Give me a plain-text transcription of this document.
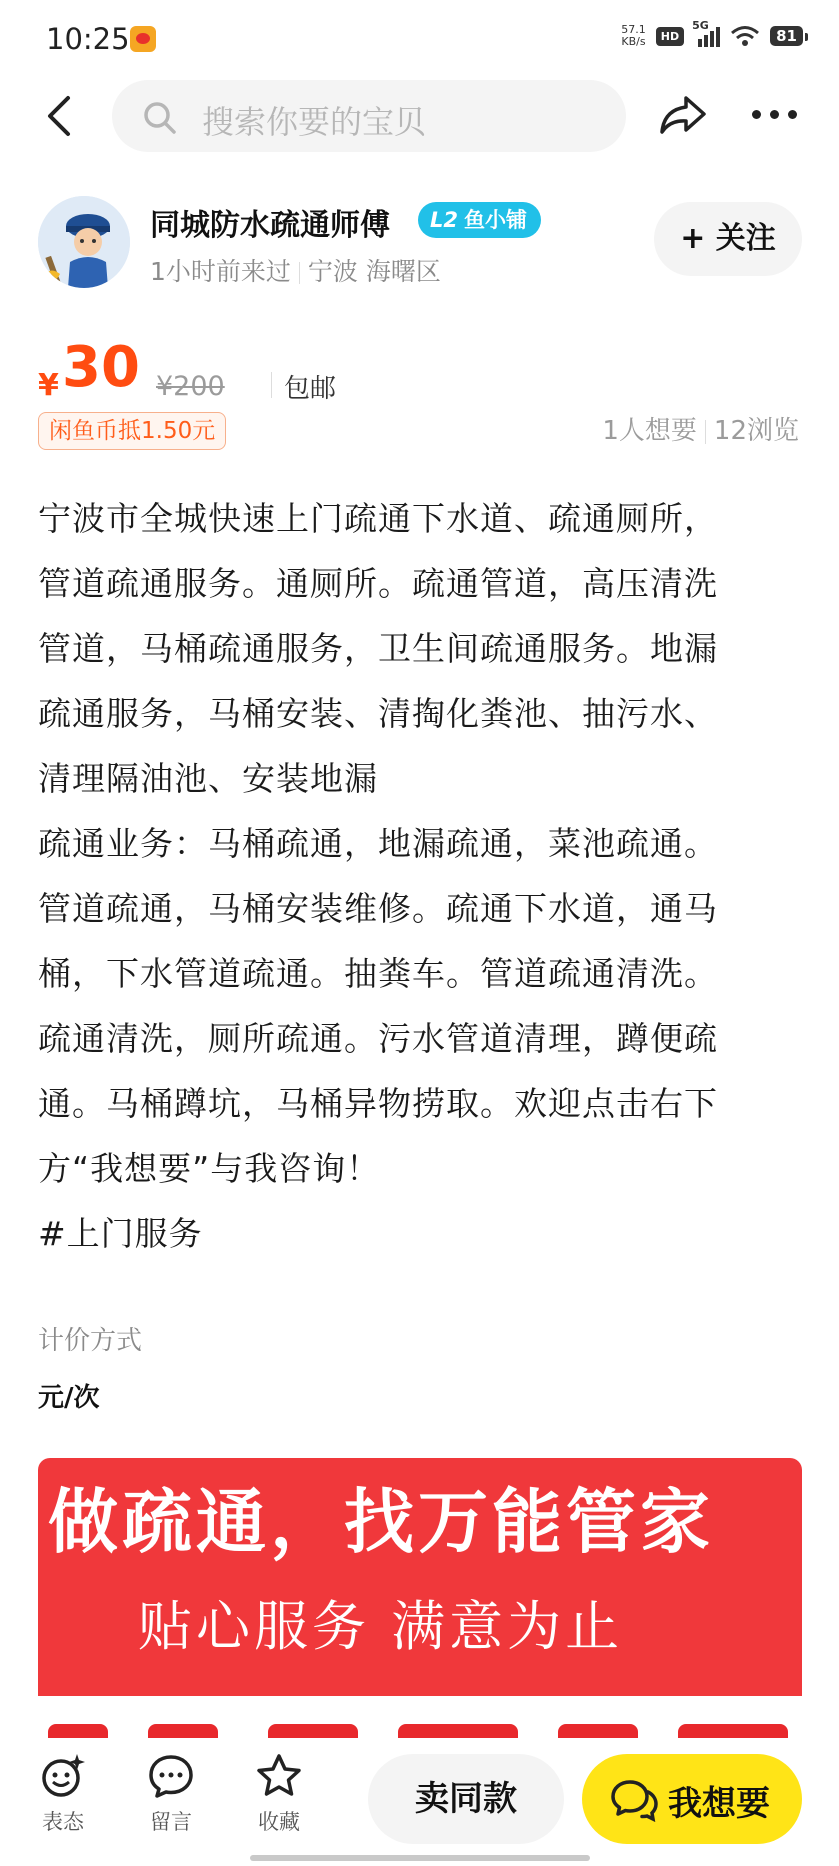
10:25	57.1
KB/s	HD
5G
81
搜索你要的宝贝
同城防水疏通师傅	L2 鱼小铺
1小时前来过 宁波 海曙区
+ 关注
¥ 30 ¥200 包邮
闲鱼币抵1.50元	1人想要 12浏览
宁波市全城快速上门疏通下水道、疏通厕所，
管道疏通服务。通厕所。疏通管道，高压清洗
管道，马桶疏通服务，卫生间疏通服务。地漏
疏通服务，马桶安装、清掏化粪池、抽污水、
清理隔油池、安装地漏
疏通业务：马桶疏通，地漏疏通，菜池疏通。
管道疏通，马桶安装维修。疏通下水道，通马
桶，下水管道疏通。抽粪车。管道疏通清洗。
疏通清洗，厕所疏通。污水管道清理，蹲便疏
通。马桶蹲坑，马桶异物捞取。欢迎点击右下
方“我想要”与我咨询！
#上门服务
计价方式
元/次
做疏通，找万能管家
贴心服务 满意为止
表态	留言	收藏
卖同款	我想要
